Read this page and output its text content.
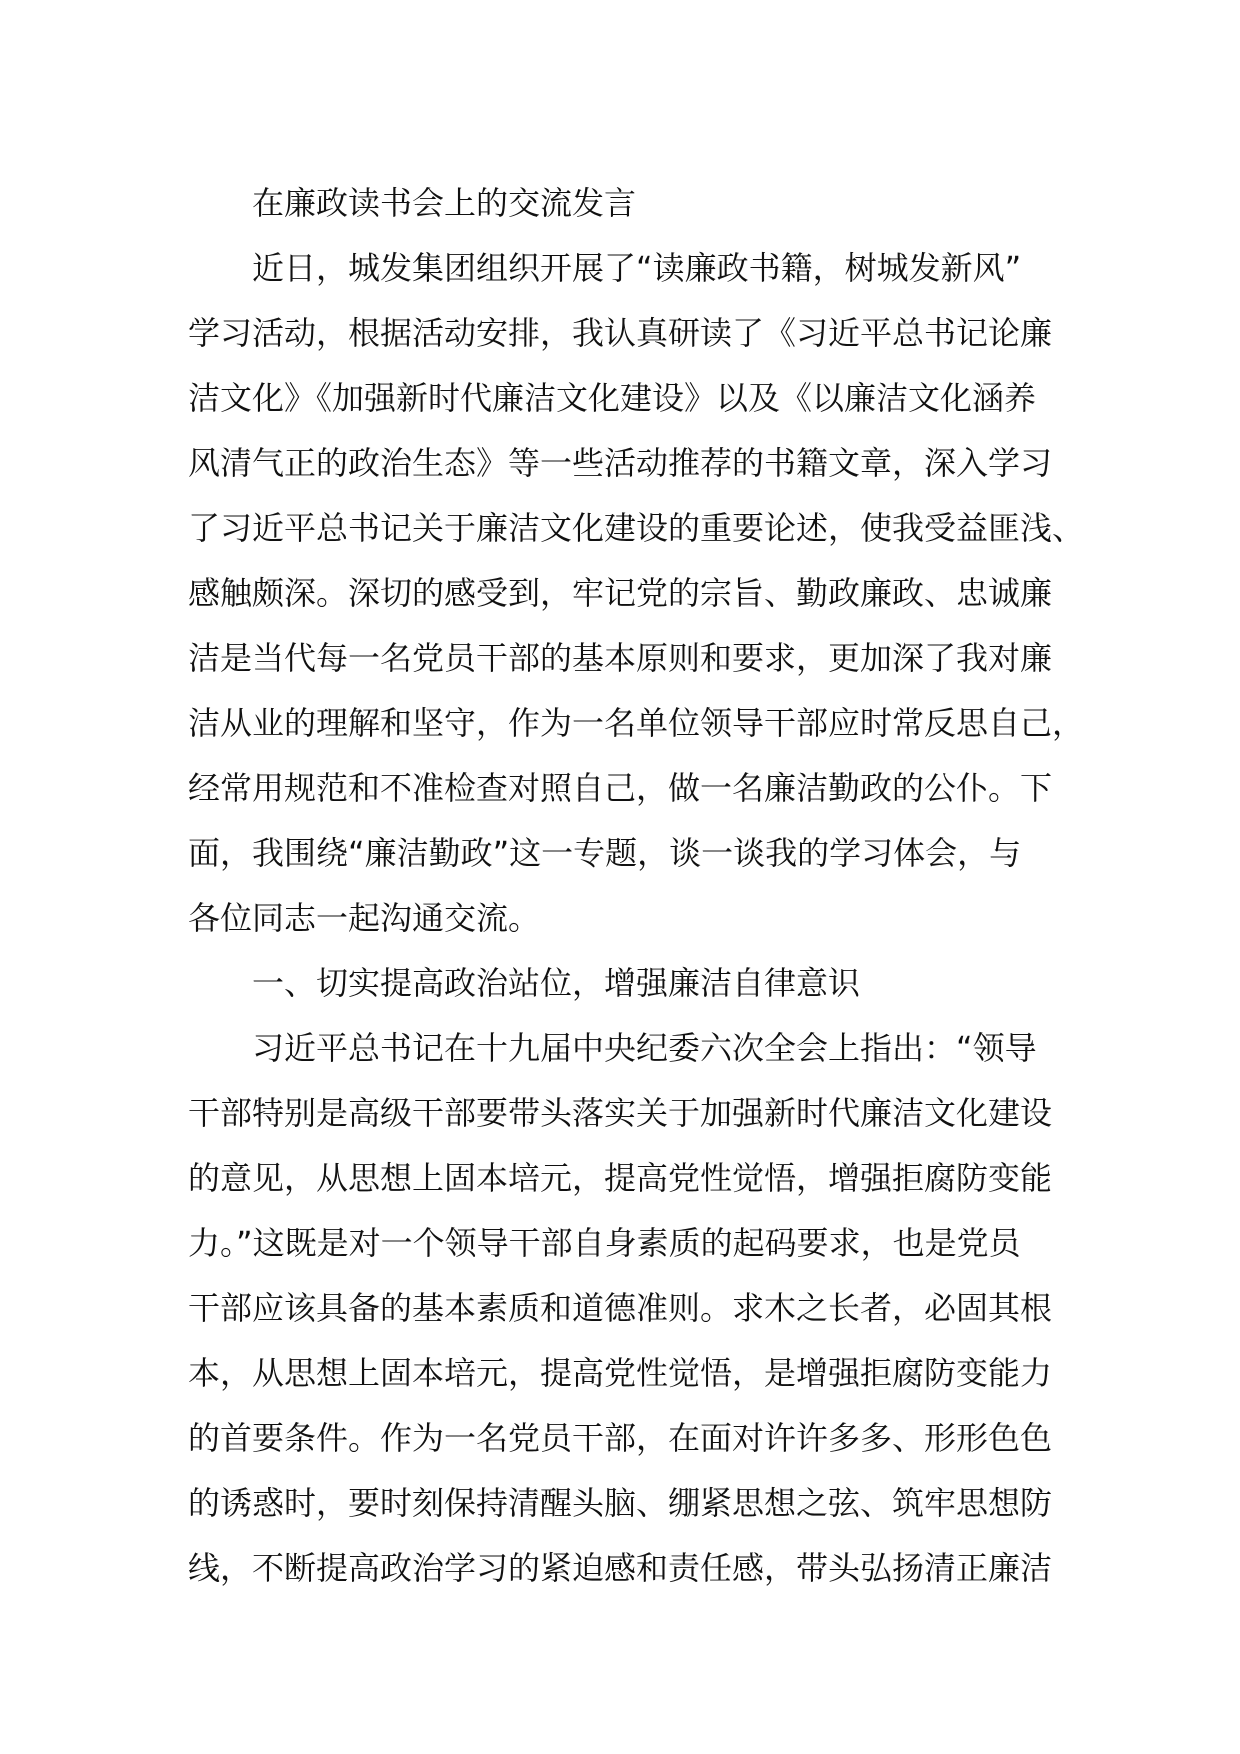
在廉政读书会上的交流发言
近日，城发集团组织开展了“读廉政书籍，树城发新风”
学习活动，根据活动安排，我认真研读了《习近平总书记论廉
洁文化》《加强新时代廉洁文化建设》以及《以廉洁文化涵养
风清气正的政治生态》等一些活动推荐的书籍文章，深入学习
了习近平总书记关于廉洁文化建设的重要论述，使我受益匪浅、
感触颇深。深切的感受到，牢记党的宗旨、勤政廉政、忠诚廉
洁是当代每一名党员干部的基本原则和要求，更加深了我对廉
洁从业的理解和坚守，作为一名单位领导干部应时常反思自己，
经常用规范和不准检查对照自己，做一名廉洁勤政的公仆。下
面，我围绕“廉洁勤政”这一专题，谈一谈我的学习体会，与
各位同志一起沟通交流。
一、切实提高政治站位，增强廉洁自律意识
习近平总书记在十九届中央纪委六次全会上指出：“领导
干部特别是高级干部要带头落实关于加强新时代廉洁文化建设
的意见，从思想上固本培元，提高党性觉悟，增强拒腐防变能
力。”这既是对一个领导干部自身素质的起码要求，也是党员
干部应该具备的基本素质和道德准则。求木之长者，必固其根
本，从思想上固本培元，提高党性觉悟，是增强拒腐防变能力
的首要条件。作为一名党员干部，在面对许许多多、形形色色
的诱惑时，要时刻保持清醒头脑、绷紧思想之弦、筑牢思想防
线，不断提高政治学习的紧迫感和责任感，带头弘扬清正廉洁
